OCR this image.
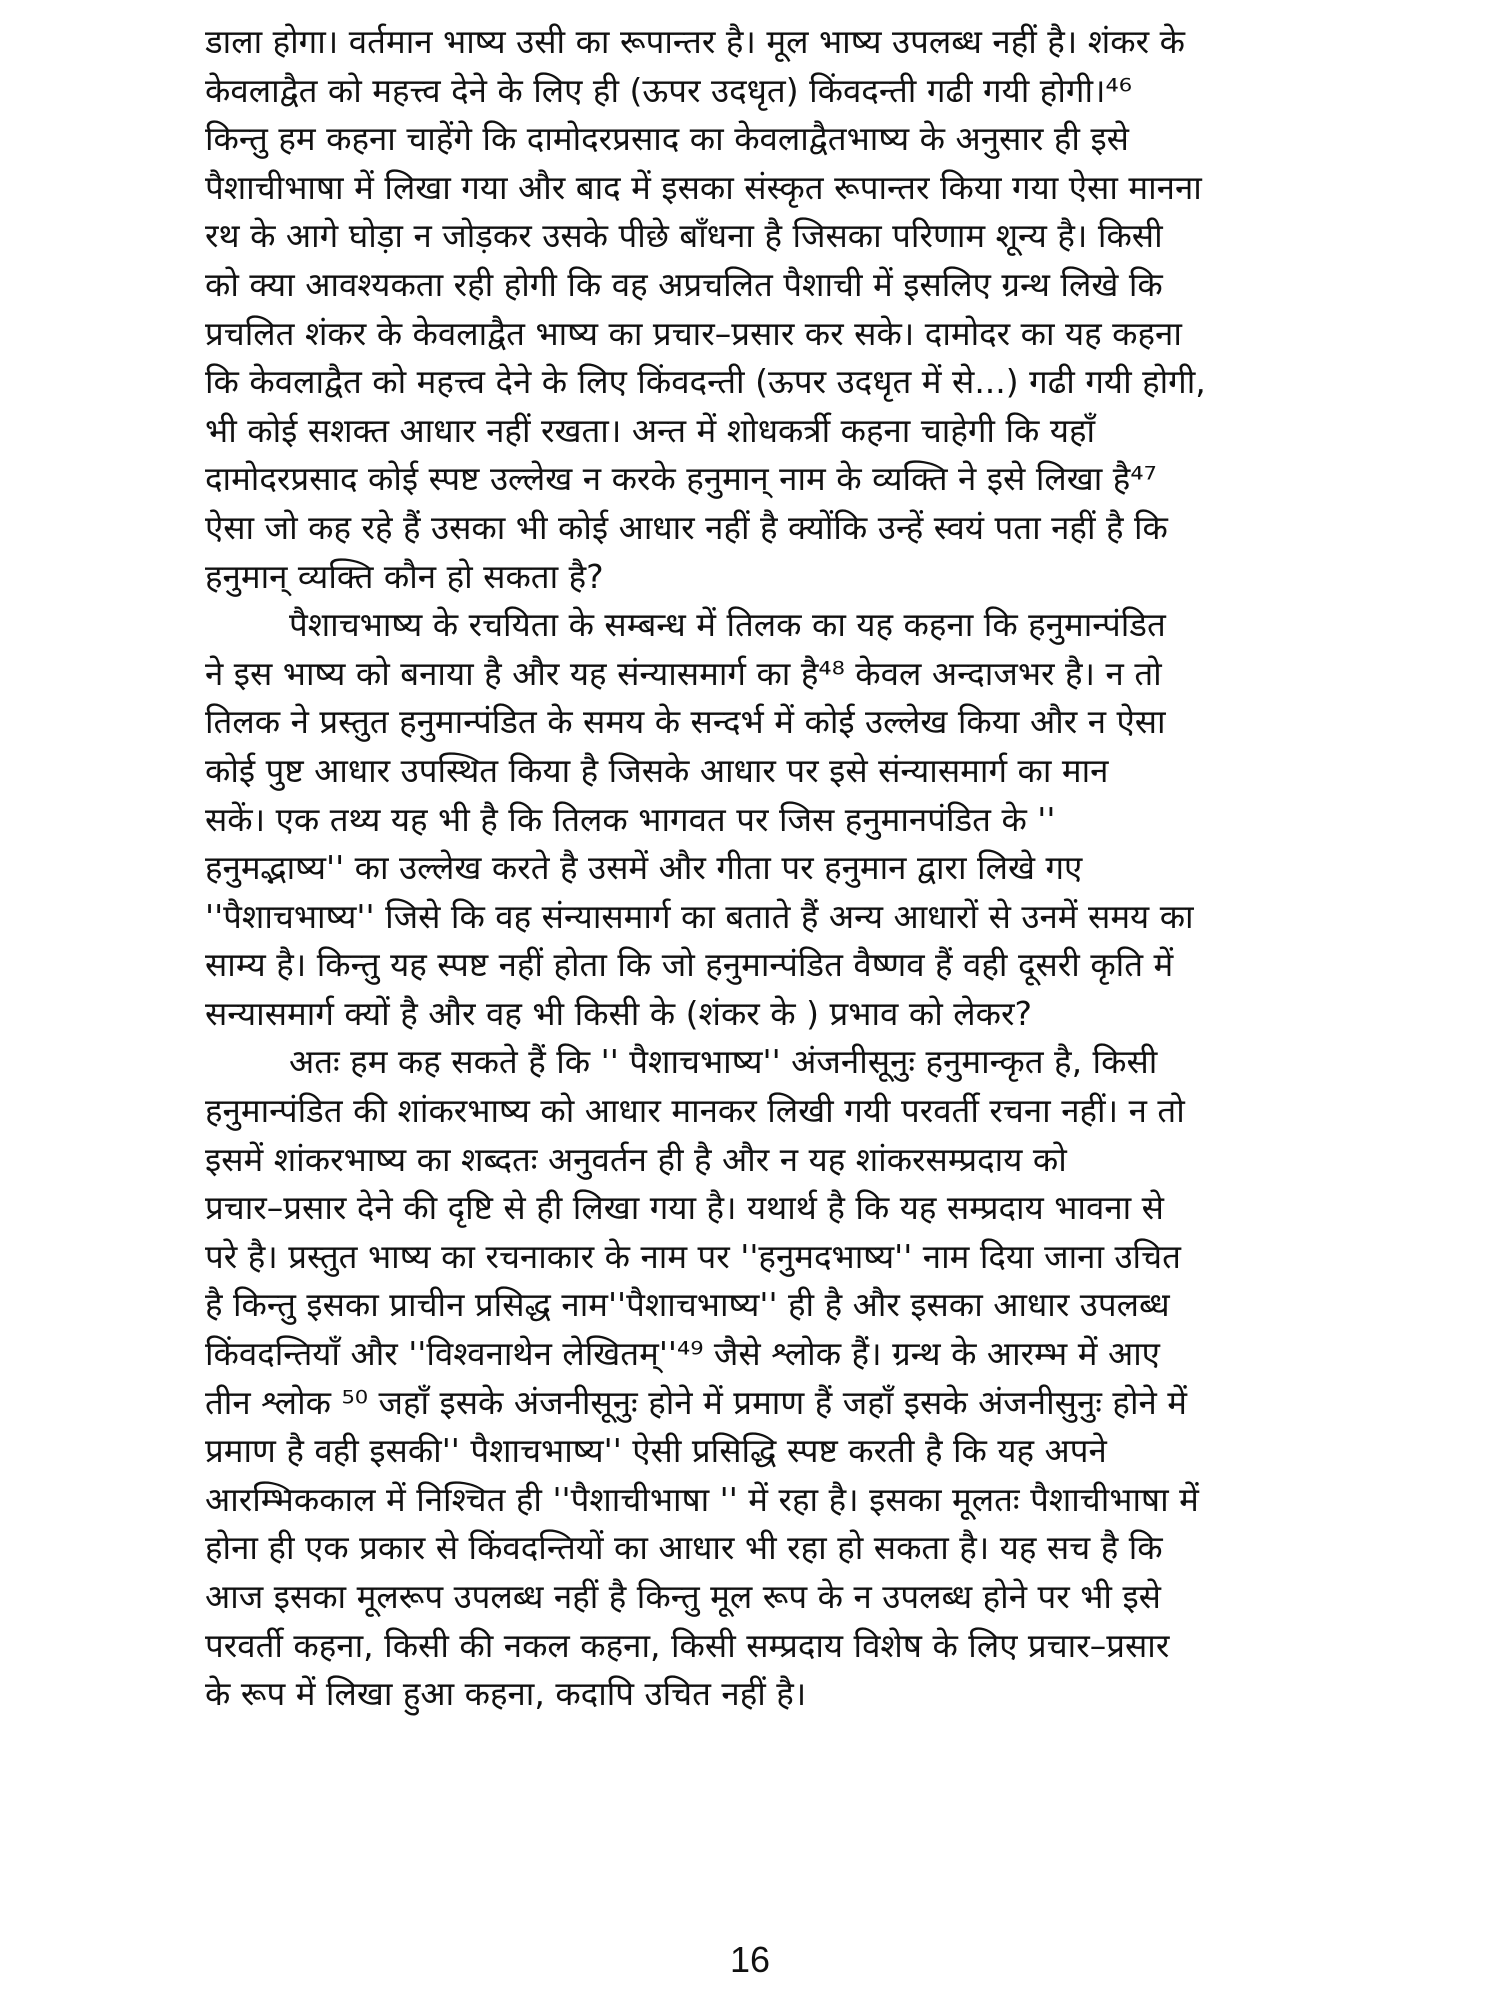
डाला होगा। वर्तमान भाष्य उसी का रूपान्तर है। मूल भाष्य उपलब्ध नहीं है। शंकर के
केवलाद्वैत को महत्त्व देने के लिए ही (ऊपर उदधृत) किंवदन्ती गढी गयी होगी।⁴⁶
किन्तु हम कहना चाहेंगे कि दामोदरप्रसाद का केवलाद्वैतभाष्य के अनुसार ही इसे
पैशाचीभाषा में लिखा गया और बाद में इसका संस्कृत रूपान्तर किया गया ऐसा मानना
रथ के आगे घोड़ा न जोड़कर उसके पीछे बाँधना है जिसका परिणाम शून्य है। किसी
को क्या आवश्यकता रही होगी कि वह अप्रचलित पैशाची में इसलिए ग्रन्थ लिखे कि
प्रचलित शंकर के केवलाद्वैत भाष्य का प्रचार–प्रसार कर सके। दामोदर का यह कहना
कि केवलाद्वैत को महत्त्व देने के लिए किंवदन्ती (ऊपर उदधृत में से...) गढी गयी होगी,
भी कोई सशक्त आधार नहीं रखता। अन्त में शोधकर्त्री कहना चाहेगी कि यहाँ
दामोदरप्रसाद कोई स्पष्ट उल्लेख न करके हनुमान् नाम के व्यक्ति ने इसे लिखा है⁴⁷
ऐसा जो कह रहे हैं उसका भी कोई आधार नहीं है क्योंकि उन्हें स्वयं पता नहीं है कि
हनुमान् व्यक्ति कौन हो सकता है?
पैशाचभाष्य के रचयिता के सम्बन्ध में तिलक का यह कहना कि हनुमान्पंडित
ने इस भाष्य को बनाया है और यह संन्यासमार्ग का है⁴⁸ केवल अन्दाजभर है। न तो
तिलक ने प्रस्तुत हनुमान्पंडित के समय के सन्दर्भ में कोई उल्लेख किया और न ऐसा
कोई पुष्ट आधार उपस्थित किया है जिसके आधार पर इसे संन्यासमार्ग का मान
सकें। एक तथ्य यह भी है कि तिलक भागवत पर जिस हनुमानपंडित के ''
हनुमद्भाष्य'' का उल्लेख करते है उसमें और गीता पर हनुमान द्वारा लिखे गए
''पैशाचभाष्य'' जिसे कि वह संन्यासमार्ग का बताते हैं अन्य आधारों से उनमें समय का
साम्य है। किन्तु यह स्पष्ट नहीं होता कि जो हनुमान्पंडित वैष्णव हैं वही दूसरी कृति में
सन्यासमार्ग क्यों है और वह भी किसी के (शंकर के ) प्रभाव को लेकर?
अतः हम कह सकते हैं कि '' पैशाचभाष्य'' अंजनीसूनुः हनुमान्कृत है, किसी
हनुमान्पंडित की शांकरभाष्य को आधार मानकर लिखी गयी परवर्ती रचना नहीं। न तो
इसमें शांकरभाष्य का शब्दतः अनुवर्तन ही है और न यह शांकरसम्प्रदाय को
प्रचार–प्रसार देने की दृष्टि से ही लिखा गया है। यथार्थ है कि यह सम्प्रदाय भावना से
परे है। प्रस्तुत भाष्य का रचनाकार के नाम पर ''हनुमदभाष्य'' नाम दिया जाना उचित
है किन्तु इसका प्राचीन प्रसिद्ध नाम''पैशाचभाष्य'' ही है और इसका आधार उपलब्ध
किंवदन्तियाँ और ''विश्वनाथेन लेखितम्''⁴⁹ जैसे श्लोक हैं। ग्रन्थ के आरम्भ में आए
तीन श्लोक ⁵⁰ जहाँ इसके अंजनीसूनुः होने में प्रमाण हैं जहाँ इसके अंजनीसुनुः होने में
प्रमाण है वही इसकी'' पैशाचभाष्य'' ऐसी प्रसिद्धि स्पष्ट करती है कि यह अपने
आरम्भिककाल में निश्चित ही ''पैशाचीभाषा '' में रहा है। इसका मूलतः पैशाचीभाषा में
होना ही एक प्रकार से किंवदन्तियों का आधार भी रहा हो सकता है। यह सच है कि
आज इसका मूलरूप उपलब्ध नहीं है किन्तु मूल रूप के न उपलब्ध होने पर भी इसे
परवर्ती कहना, किसी की नकल कहना, किसी सम्प्रदाय विशेष के लिए प्रचार–प्रसार
के रूप में लिखा हुआ कहना, कदापि उचित नहीं है।
16
